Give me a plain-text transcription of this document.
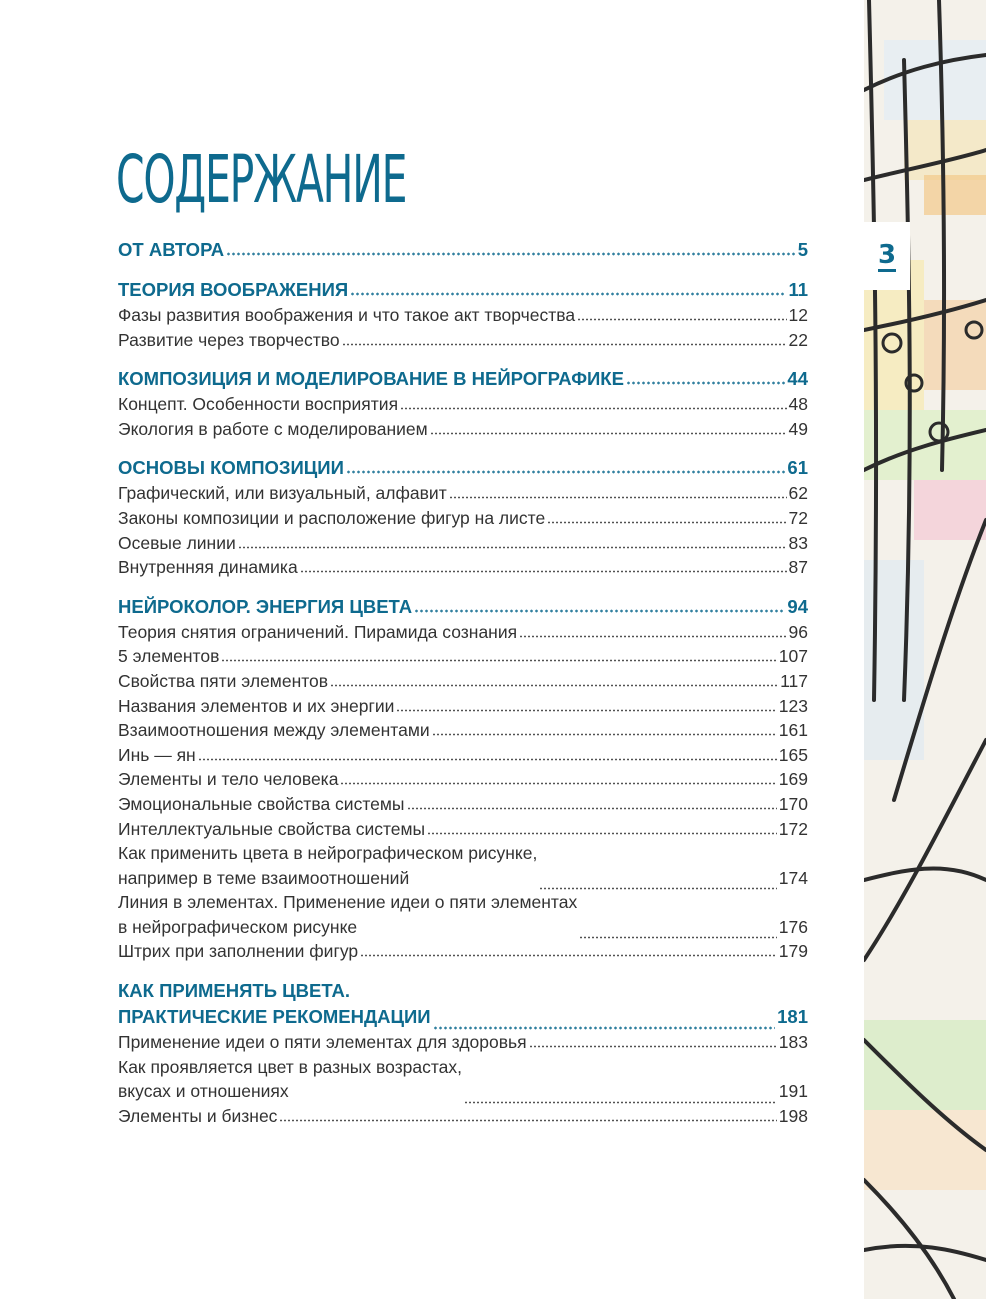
СОДЕРЖАНИЕ
ОТ АВТОРА	5
ТЕОРИЯ ВООБРАЖЕНИЯ	11
Фазы развития воображения и что такое акт творчества	12
Развитие через творчество	22
КОМПОЗИЦИЯ И МОДЕЛИРОВАНИЕ В НЕЙРОГРАФИКЕ	44
Концепт. Особенности восприятия	48
Экология в работе с моделированием	49
ОСНОВЫ КОМПОЗИЦИИ	61
Графический, или визуальный, алфавит	62
Законы композиции и расположение фигур на листе	72
Осевые линии	83
Внутренняя динамика	87
НЕЙРОКОЛОР. ЭНЕРГИЯ ЦВЕТА	94
Теория снятия ограничений. Пирамида сознания	96
5 элементов	107
Свойства пяти элементов	117
Названия элементов и их энергии	123
Взаимоотношения между элементами	161
Инь — ян	165
Элементы и тело человека	169
Эмоциональные свойства системы	170
Интеллектуальные свойства системы	172
Как применить цвета в нейрографическом рисунке,
например в теме взаимоотношений	174
Линия в элементах. Применение идеи о пяти элементах
в нейрографическом рисунке	176
Штрих при заполнении фигур	179
КАК ПРИМЕНЯТЬ ЦВЕТА.
ПРАКТИЧЕСКИЕ РЕКОМЕНДАЦИИ	181
Применение идеи о пяти элементах для здоровья	183
Как проявляется цвет в разных возрастах,
вкусах и отношениях	191
Элементы и бизнес	198
3
